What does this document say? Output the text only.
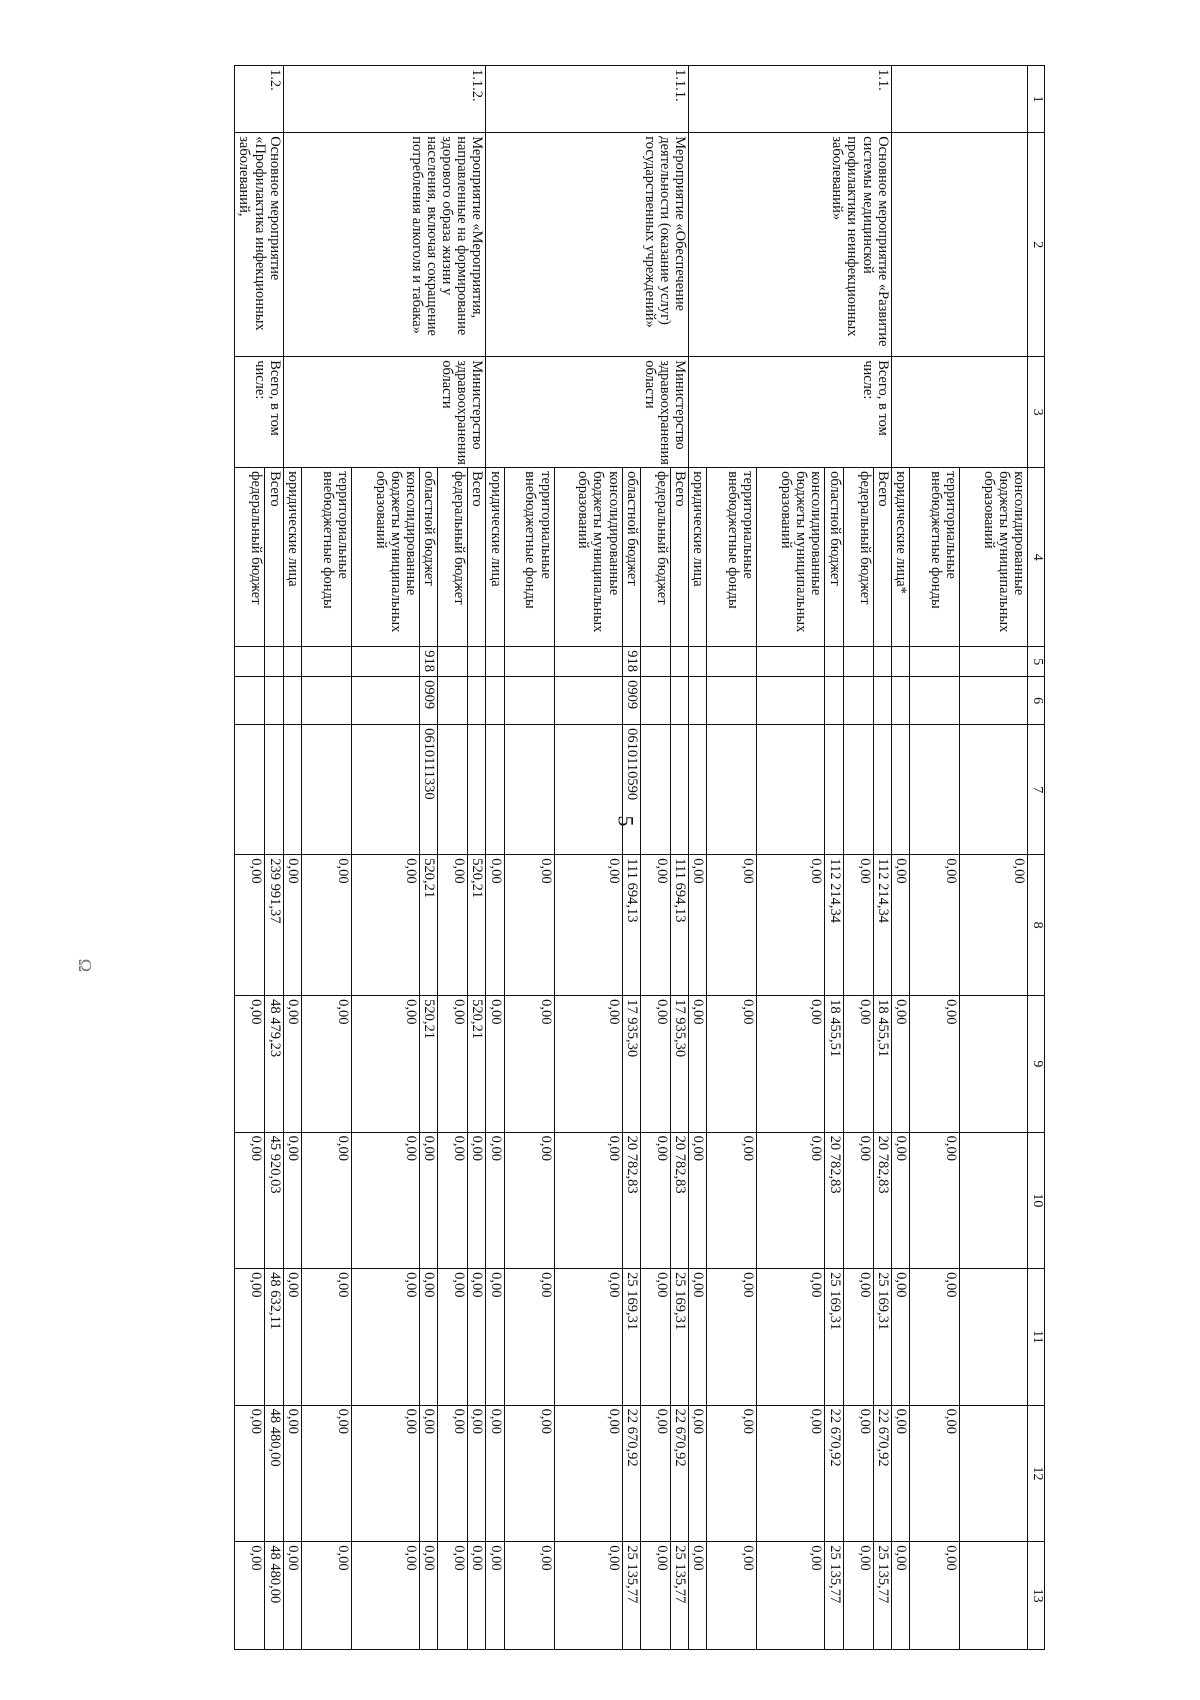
5
Ω
1	2	3	4	5	6	7	8	9	10	11	12	13
			консолидированные бюджеты муниципальных образований				0,00					
			территориальные внебюджетные фонды				0,00	0,00	0,00	0,00	0,00	0,00
			юридические лица*				0,00	0,00	0,00	0,00	0,00	0,00
1.1.	Основное мероприятие «Развитие системы медицинской профилактики неинфекционных заболеваний»	Всего, в том числе:	Всего				112 214,34	18 455,51	20 782,83	25 169,31	22 670,92	25 135,77
			федеральный бюджет				0,00	0,00	0,00	0,00	0,00	0,00
			областной бюджет				112 214,34	18 455,51	20 782,83	25 169,31	22 670,92	25 135,77
			консолидированные бюджеты муниципальных образований				0,00	0,00	0,00	0,00	0,00	0,00
			территориальные внебюджетные фонды				0,00	0,00	0,00	0,00	0,00	0,00
			юридические лица				0,00	0,00	0,00	0,00	0,00	0,00
1.1.1.	Мероприятие «Обеспечение деятельности (оказание услуг) государственных учреждений»	Министерство здравоохранения области	Всего				111 694,13	17 935,30	20 782,83	25 169,31	22 670,92	25 135,77
			федеральный бюджет				0,00	0,00	0,00	0,00	0,00	0,00
			областной бюджет	918	0909	0610110590	111 694,13	17 935,30	20 782,83	25 169,31	22 670,92	25 135,77
			консолидированные бюджеты муниципальных образований				0,00	0,00	0,00	0,00	0,00	0,00
			территориальные внебюджетные фонды				0,00	0,00	0,00	0,00	0,00	0,00
			юридические лица				0,00	0,00	0,00	0,00	0,00	0,00
1.1.2.	Мероприятие «Мероприятия, направленные на формирование здорового образа жизни у населения, включая сокращение потребления алкоголя и табака»	Министерство здравоохранения области	Всего				520,21	520,21	0,00	0,00	0,00	0,00
			федеральный бюджет				0,00	0,00	0,00	0,00	0,00	0,00
			областной бюджет	918	0909	0610111330	520,21	520,21	0,00	0,00	0,00	0,00
			консолидированные бюджеты муниципальных образований				0,00	0,00	0,00	0,00	0,00	0,00
			территориальные внебюджетные фонды				0,00	0,00	0,00	0,00	0,00	0,00
			юридические лица				0,00	0,00	0,00	0,00	0,00	0,00
1.2.	Основное мероприятие «Профилактика инфекционных заболеваний,	Всего, в том числе:	Всего				239 991,37	48 479,23	45 920,03	48 632,11	48 480,00	48 480,00
			федеральный бюджет				0,00	0,00	0,00	0,00	0,00	0,00
